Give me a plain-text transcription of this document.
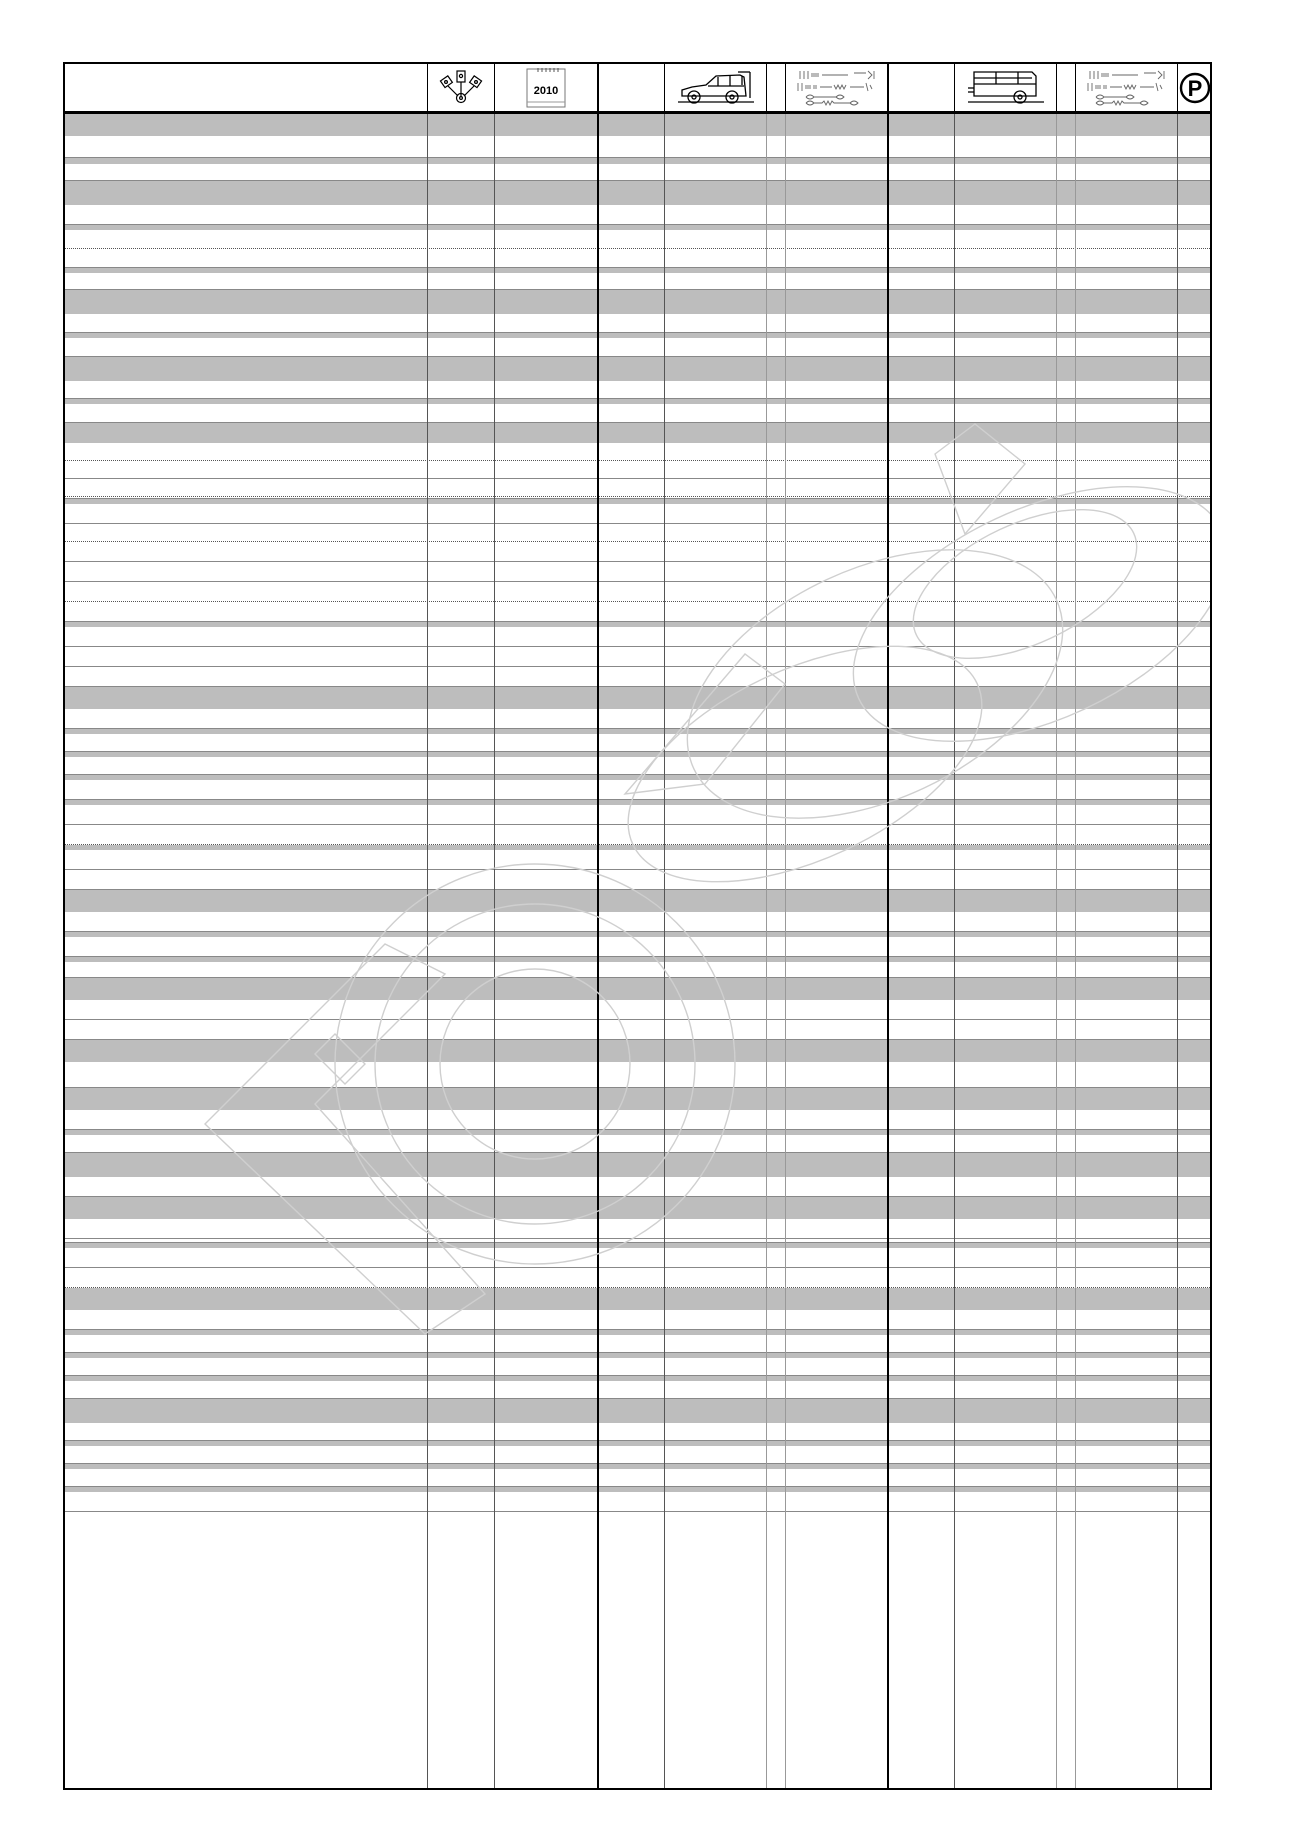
2010	P
